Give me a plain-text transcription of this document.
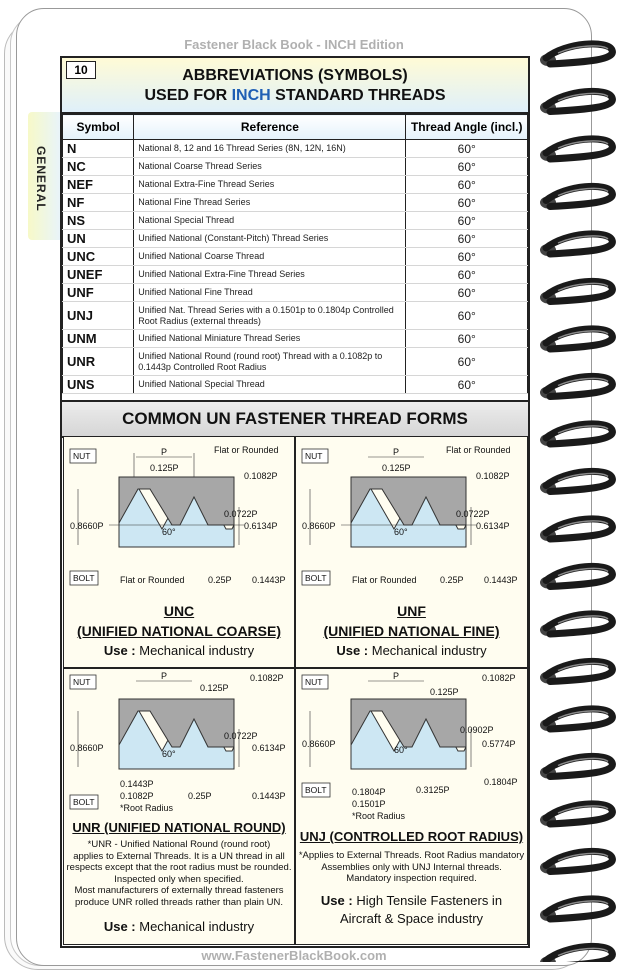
Fastener Black Book - INCH Edition
GENERAL
10	ABBREVIATIONS (SYMBOLS)
USED FOR INCH STANDARD THREADS
Symbol	Reference	Thread Angle (incl.)
N	National 8, 12 and 16 Thread Series (8N, 12N, 16N)	60°
NC	National Coarse Thread Series	60°
NEF	National Extra-Fine Thread Series	60°
NF	National Fine Thread Series	60°
NS	National Special Thread	60°
UN	Unified National (Constant-Pitch) Thread Series	60°
UNC	Unified National Coarse Thread	60°
UNEF	Unified National Extra-Fine Thread Series	60°
UNF	Unified National Fine Thread	60°
UNJ	Unified Nat. Thread Series with a 0.1501p to 0.1804p Controlled Root Radius (external threads)	60°
UNM	Unified National Miniature Thread Series	60°
UNR	Unified National Round (round root) Thread with a 0.1082p to 0.1443p Controlled Root Radius	60°
UNS	Unified National Special Thread	60°
COMMON UN FASTENER THREAD FORMS
NUT
BOLT
P
0.125P
Flat or Rounded
0.1082P
0.0722P
0.6134P
0.8660P
60°
Flat or Rounded	0.25P 0.1443P
UNC
(UNIFIED NATIONAL COARSE)
Use : Mechanical industry
NUT
BOLT
P
0.125P
Flat or Rounded
0.1082P
0.0722P
0.6134P
0.8660P
60°
Flat or Rounded	0.25P 0.1443P
UNF
(UNIFIED NATIONAL FINE)
Use : Mechanical industry
NUT
BOLT
P
0.125P
0.1082P
0.0722P
0.6134P
0.8660P
60°
0.1443P
0.1082P
*Root Radius
0.25P	0.1443P
UNR (UNIFIED NATIONAL ROUND)
*UNR - Unified National Round (round root)
applies to External Threads. It is a UN thread in all
respects except that the root radius must be rounded.
Inspected only when specified.
Most manufacturers of externally thread fasteners
produce UNR rolled threads rather than plain UN.
Use : Mechanical industry
NUT
BOLT
P
0.125P
0.1082P
0.0902P
0.5774P
0.8660P
60°
0.1804P
0.1501P
*Root Radius
0.3125P
0.1804P
UNJ (CONTROLLED ROOT RADIUS)
*Applies to External Threads. Root Radius mandatory
Assemblies only with UNJ Internal threads.
Mandatory inspection required.
Use : High Tensile Fasteners in
Aircraft & Space industry
www.FastenerBlackBook.com
